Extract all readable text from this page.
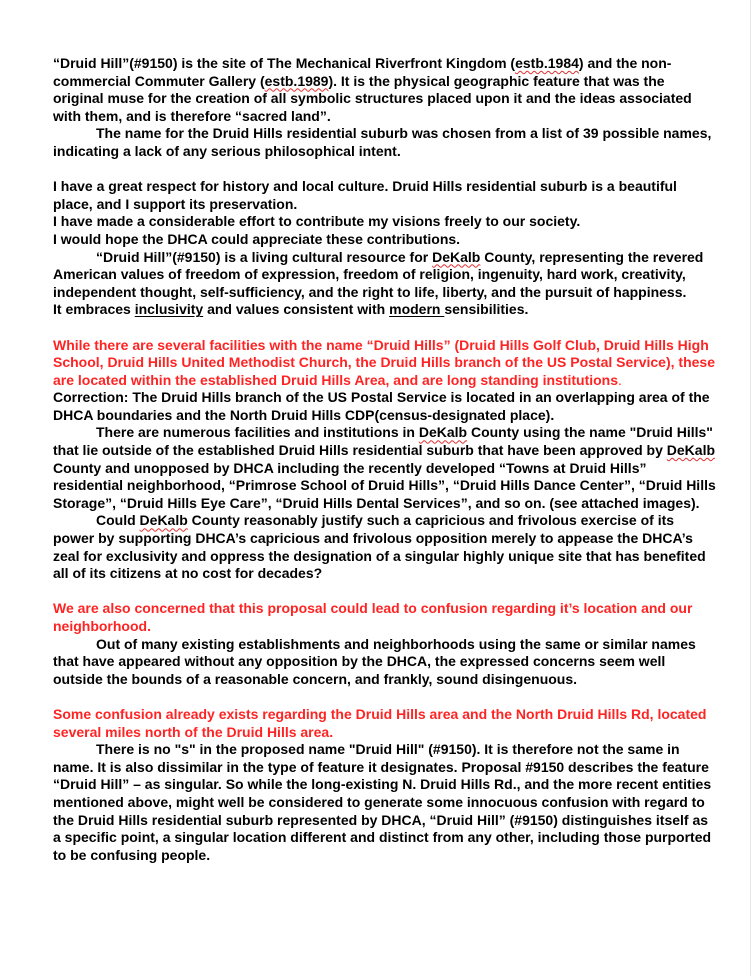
“Druid Hill”(#9150) is the site of The Mechanical Riverfront Kingdom (estb.1984) and the non-commercial Commuter Gallery (estb.1989). It is the physical geographic feature that was the original muse for the creation of all symbolic structures placed upon it and the ideas associated with them, and is therefore “sacred land”.

The name for the Druid Hills residential suburb was chosen from a list of 39 possible names, indicating a lack of any serious philosophical intent.

I have a great respect for history and local culture. Druid Hills residential suburb is a beautiful place, and I support its preservation.

I have made a considerable effort to contribute my visions freely to our society.

I would hope the DHCA could appreciate these contributions.

“Druid Hill”(#9150) is a living cultural resource for DeKalb County, representing the revered American values of freedom of expression, freedom of religion, ingenuity, hard work, creativity, independent thought, self-sufficiency, and the right to life, liberty, and the pursuit of happiness.

It embraces inclusivity and values consistent with modern sensibilities.

While there are several facilities with the name “Druid Hills” (Druid Hills Golf Club, Druid Hills High School, Druid Hills United Methodist Church, the Druid Hills branch of the US Postal Service), these are located within the established Druid Hills Area, and are long standing institutions.

Correction: The Druid Hills branch of the US Postal Service is located in an overlapping area of the DHCA boundaries and the North Druid Hills CDP(census-designated place).

There are numerous facilities and institutions in DeKalb County using the name "Druid Hills" that lie outside of the established Druid Hills residential suburb that have been approved by DeKalb County and unopposed by DHCA including the recently developed “Towns at Druid Hills” residential neighborhood, “Primrose School of Druid Hills”, “Druid Hills Dance Center”, “Druid Hills Storage”, “Druid Hills Eye Care”, “Druid Hills Dental Services”, and so on. (see attached images).

Could DeKalb County reasonably justify such a capricious and frivolous exercise of its power by supporting DHCA’s capricious and frivolous opposition merely to appease the DHCA’s zeal for exclusivity and oppress the designation of a singular highly unique site that has benefited all of its citizens at no cost for decades?

We are also concerned that this proposal could lead to confusion regarding it’s location and our neighborhood.

Out of many existing establishments and neighborhoods using the same or similar names that have appeared without any opposition by the DHCA, the expressed concerns seem well outside the bounds of a reasonable concern, and frankly, sound disingenuous.

Some confusion already exists regarding the Druid Hills area and the North Druid Hills Rd, located several miles north of the Druid Hills area.

There is no "s" in the proposed name "Druid Hill" (#9150). It is therefore not the same in name. It is also dissimilar in the type of feature it designates. Proposal #9150 describes the feature “Druid Hill” – as singular. So while the long-existing N. Druid Hills Rd., and the more recent entities mentioned above, might well be considered to generate some innocuous confusion with regard to the Druid Hills residential suburb represented by DHCA, “Druid Hill” (#9150) distinguishes itself as a specific point, a singular location different and distinct from any other, including those purported to be confusing people.
